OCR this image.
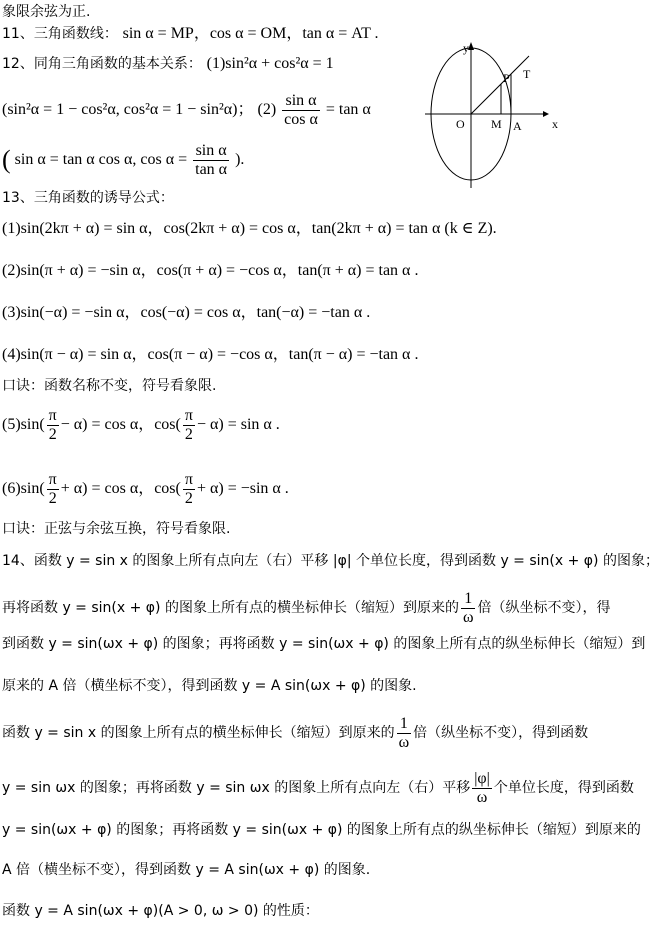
象限余弦为正.
11、三角函数线： sin α = MP，cos α = OM，tan α = AT .
12、同角三角函数的基本关系： (1)sin²α + cos²α = 1
(sin²α = 1 − cos²α, cos²α = 1 − sin²α)； $(2) \frac{\text{sin α}}{\text{cos α}} = \tan \alpha$
( sin α = tan α cos α, $\cos \alpha = \frac{\text{sin α}}{\text{tan α}}$ ).
13、三角函数的诱导公式：
(1)sin(2kπ + α) = sin α，cos(2kπ + α) = cos α，tan(2kπ + α) = tan α (k ∈ Z).
(2)sin(π + α) = −sin α，cos(π + α) = −cos α，tan(π + α) = tan α .
(3)sin(−α) = −sin α，cos(−α) = cos α，tan(−α) = −tan α .
(4)sin(π − α) = sin α，cos(π − α) = −cos α，tan(π − α) = −tan α .
口诀：函数名称不变，符号看象限.
$(5)\sin( \frac{\pi}{2} - \alpha) = \cos \alpha$，$\cos( \frac{\pi}{2} - \alpha) = \sin \alpha$ .
$(6)\sin( \frac{\pi}{2} + \alpha) = \cos \alpha$，$\cos( \frac{\pi}{2} + \alpha) = -\sin$ α .
口诀：正弦与余弦互换，符号看象限.
14、函数 y = sin x 的图象上所有点向左（右）平移 |φ| 个单位长度，得到函数 y = sin(x + φ) 的图象；
再将函数 y = sin(x + φ) 的图象上所有点的横坐标伸长（缩短）到原来的 $\frac{1}{\omega}$ 倍（纵坐标不变），得
到函数 y = sin(ωx + φ) 的图象；再将函数 y = sin(ωx + φ) 的图象上所有点的纵坐标伸长（缩短）到
原来的 A 倍（横坐标不变），得到函数 y = A sin(ωx + φ) 的图象.
函数 y = sin x 的图象上所有点的横坐标伸长（缩短）到原来的 $\frac{1}{\omega}$ 倍（纵坐标不变），得到函数
y = sin ωx 的图象；再将函数 y = sin ωx 的图象上所有点向左（右）平移 $\frac{|\varphi|}{\omega}$ 个单位长度，得到函数
y = sin(ωx + φ) 的图象；再将函数 y = sin(ωx + φ) 的图象上所有点的纵坐标伸长（缩短）到原来的
A 倍（横坐标不变），得到函数 y = A sin(ωx + φ) 的图象.
函数 y = A sin(ωx + φ)(A > 0, ω > 0) 的性质：
y
x
O M A
P T
